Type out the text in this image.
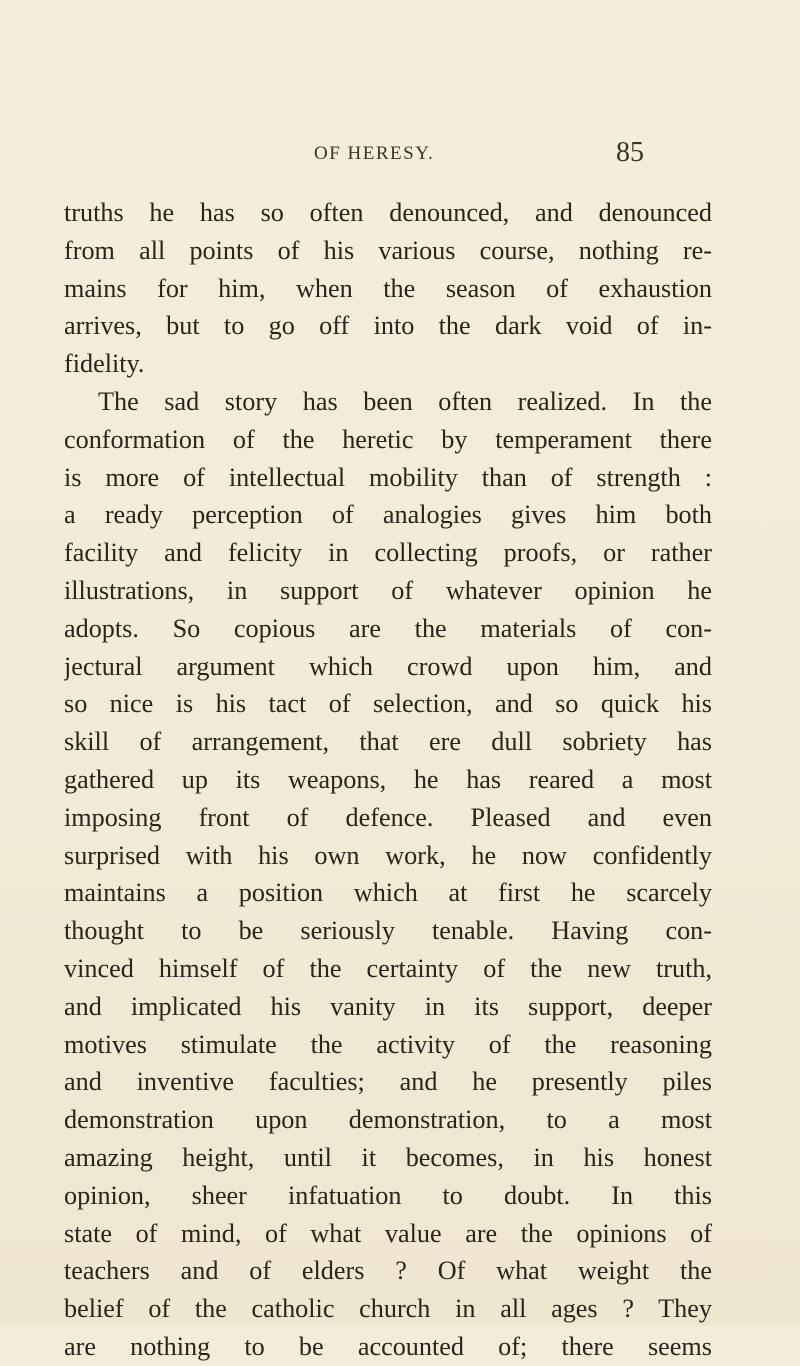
OF HERESY.	85
truths he has so often denounced, and denounced
from all points of his various course, nothing re-
mains for him, when the season of exhaustion
arrives, but to go off into the dark void of in-
fidelity.
The sad story has been often realized. In the
conformation of the heretic by temperament there
is more of intellectual mobility than of strength :
a ready perception of analogies gives him both
facility and felicity in collecting proofs, or rather
illustrations, in support of whatever opinion he
adopts. So copious are the materials of con-
jectural argument which crowd upon him, and
so nice is his tact of selection, and so quick his
skill of arrangement, that ere dull sobriety has
gathered up its weapons, he has reared a most
imposing front of defence. Pleased and even
surprised with his own work, he now confidently
maintains a position which at first he scarcely
thought to be seriously tenable. Having con-
vinced himself of the certainty of the new truth,
and implicated his vanity in its support, deeper
motives stimulate the activity of the reasoning
and inventive faculties; and he presently piles
demonstration upon demonstration, to a most
amazing height, until it becomes, in his honest
opinion, sheer infatuation to doubt. In this
state of mind, of what value are the opinions of
teachers and of elders ? Of what weight the
belief of the catholic church in all ages ? They
are nothing to be accounted of; there seems
